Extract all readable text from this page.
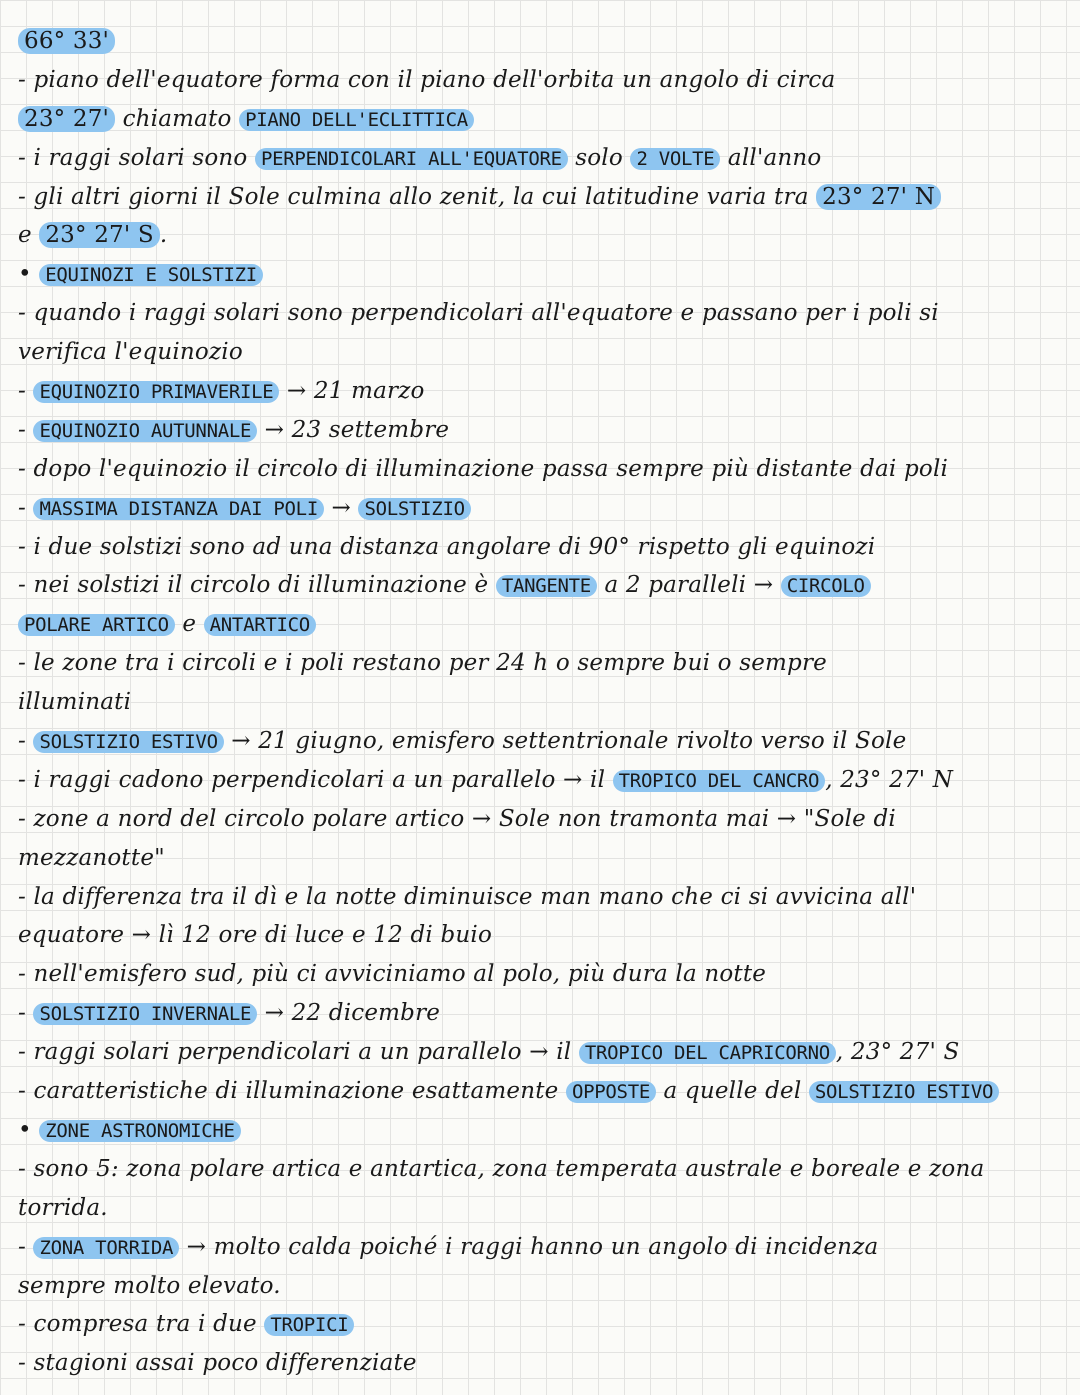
66° 33'
- piano dell'equatore forma con il piano dell'orbita un angolo di circa
23° 27' chiamato PIANO DELL'ECLITTICA
- i raggi solari sono PERPENDICOLARI ALL'EQUATORE solo 2 VOLTE all'anno
- gli altri giorni il Sole culmina allo zenit, la cui latitudine varia tra 23° 27' N
e 23° 27' S .
• EQUINOZI E SOLSTIZI
- quando i raggi solari sono perpendicolari all'equatore e passano per i poli si
verifica l'equinozio
- EQUINOZIO PRIMAVERILE → 21 marzo
- EQUINOZIO AUTUNNALE → 23 settembre
- dopo l'equinozio il circolo di illuminazione passa sempre più distante dai poli
- MASSIMA DISTANZA DAI POLI → SOLSTIZIO
- i due solstizi sono ad una distanza angolare di 90° rispetto gli equinozi
- nei solstizi il circolo di illuminazione è TANGENTE a 2 paralleli → CIRCOLO
POLARE ARTICO e ANTARTICO
- le zone tra i circoli e i poli restano per 24 h o sempre bui o sempre
illuminati
- SOLSTIZIO ESTIVO → 21 giugno, emisfero settentrionale rivolto verso il Sole
- i raggi cadono perpendicolari a un parallelo → il TROPICO DEL CANCRO , 23° 27' N
- zone a nord del circolo polare artico → Sole non tramonta mai → "Sole di
mezzanotte"
- la differenza tra il dì e la notte diminuisce man mano che ci si avvicina all'
equatore → lì 12 ore di luce e 12 di buio
- nell'emisfero sud, più ci avviciniamo al polo, più dura la notte
- SOLSTIZIO INVERNALE → 22 dicembre
- raggi solari perpendicolari a un parallelo → il TROPICO DEL CAPRICORNO , 23° 27' S
- caratteristiche di illuminazione esattamente OPPOSTE a quelle del SOLSTIZIO ESTIVO
• ZONE ASTRONOMICHE
- sono 5: zona polare artica e antartica, zona temperata australe e boreale e zona
torrida.
- ZONA TORRIDA → molto calda poiché i raggi hanno un angolo di incidenza
sempre molto elevato.
- compresa tra i due TROPICI
- stagioni assai poco differenziate
